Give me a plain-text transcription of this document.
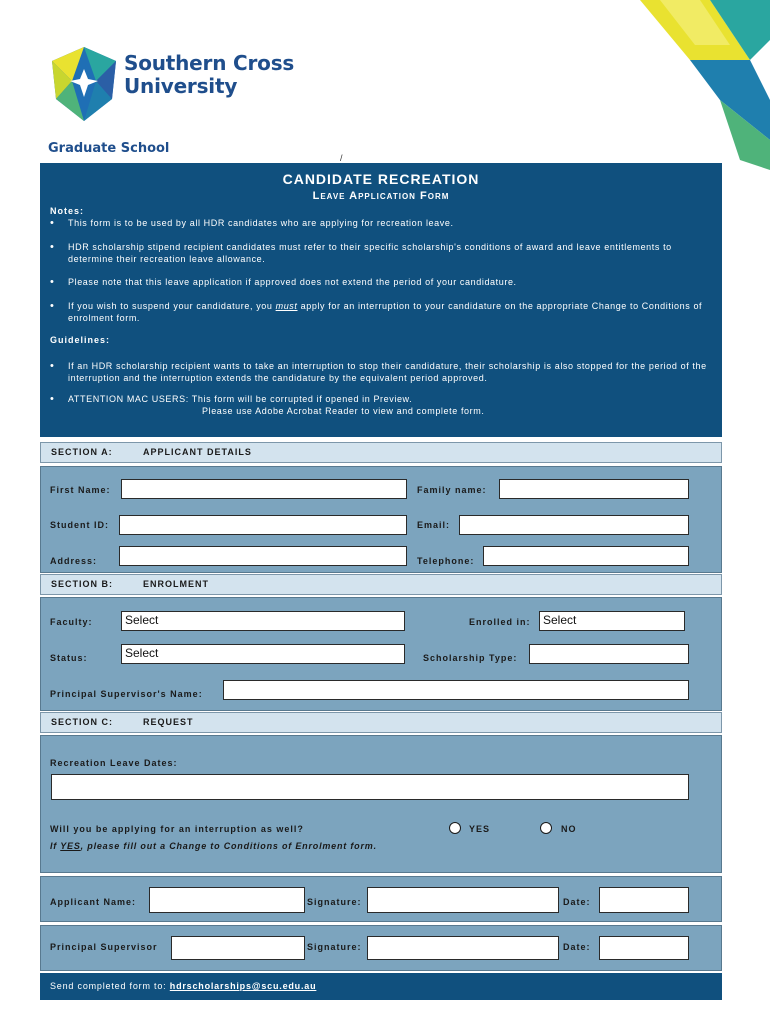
Southern Cross
University
Graduate School
/
CANDIDATE RECREATION
Leave Application Form
Notes:
• This form is to be used by all HDR candidates who are applying for recreation leave.
• HDR scholarship stipend recipient candidates must refer to their specific scholarship's conditions of award and leave entitlements to determine their recreation leave allowance.
• Please note that this leave application if approved does not extend the period of your candidature.
• If you wish to suspend your candidature, you must apply for an interruption to your candidature on the appropriate Change to Conditions of enrolment form.
Guidelines:
• If an HDR scholarship recipient wants to take an interruption to stop their candidature, their scholarship is also stopped for the period of the interruption and the interruption extends the candidature by the equivalent period approved.
• ATTENTION MAC USERS: This form will be corrupted if opened in Preview.
Please use Adobe Acrobat Reader to view and complete form.
SECTION A:	APPLICANT DETAILS
First Name:	Family name:
Student ID:	Email:
Address:	Telephone:
SECTION B:	ENROLMENT
Faculty:	Select	Enrolled in:	Select
Status:	Select	Scholarship Type:
Principal Supervisor's Name:
SECTION C:	REQUEST
Recreation Leave Dates:
Will you be applying for an interruption as well?	YES	NO
If YES, please fill out a Change to Conditions of Enrolment form.
Applicant Name:	Signature:	Date:
Principal Supervisor	Signature:	Date:
Send completed form to: hdrscholarships@scu.edu.au
